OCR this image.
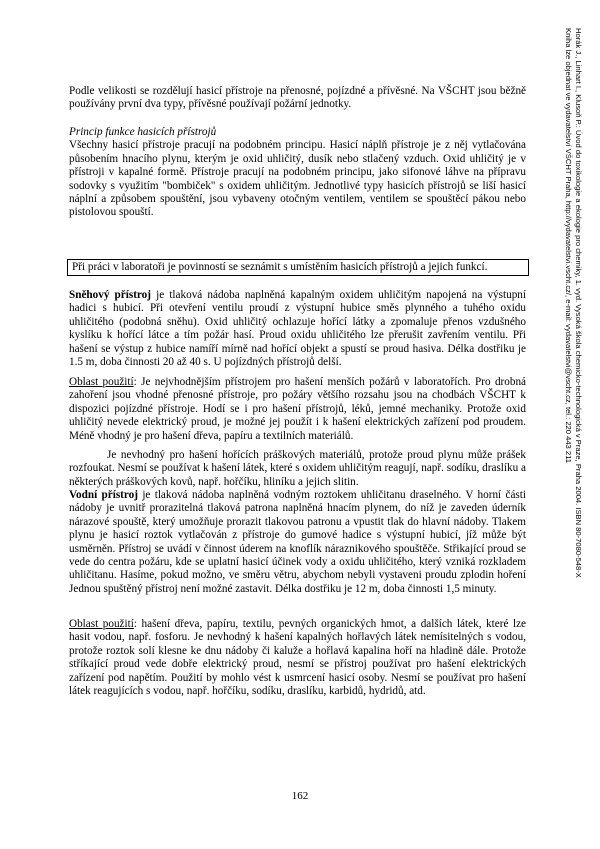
Podle velikosti se rozdělují hasicí přístroje na přenosné, pojízdné a přívěsné. Na VŠCHT jsou běžně používány první dva typy, přívěsné používají požární jednotky.

Princip funkce hasicích přístrojů

Všechny hasicí přístroje pracují na podobném principu. Hasicí náplň přístroje je z něj vytlačována působením hnacího plynu, kterým je oxid uhličitý, dusík nebo stlačený vzduch. Oxid uhličitý je v přístroji v kapalné formě. Přístroje pracují na podobném principu, jako sifonové láhve na přípravu sodovky s využitím "bombiček" s oxidem uhličitým. Jednotlivé typy hasicích přístrojů se liší hasicí náplní a způsobem spouštění, jsou vybaveny otočným ventilem, ventilem se spouštěcí pákou nebo pistolovou spouští.

Při práci v laboratoři je povinností se seznámit s umístěním hasicích přístrojů a jejich funkcí.

Sněhový přístroj je tlaková nádoba naplněná kapalným oxidem uhličitým napojená na výstupní hadici s hubicí. Při otevření ventilu proudí z výstupní hubice směs plynného a tuhého oxidu uhličitého (podobná sněhu). Oxid uhličitý ochlazuje hořící látky a zpomaluje přenos vzdušného kyslíku k hořící látce a tím požár hasí. Proud oxidu uhličitého lze přerušit zavřením ventilu. Při hašení se výstup z hubice namíří mírně nad hořící objekt a spustí se proud hasiva. Délka dostřiku je 1.5 m, doba činnosti 20 až 40 s. U pojízdných přístrojů delší.

Oblast použití: Je nejvhodnějším přístrojem pro hašení menších požárů v laboratořích. Pro drobná zahoření jsou vhodné přenosné přístroje, pro požáry většího rozsahu jsou na chodbách VŠCHT k dispozici pojízdné přístroje. Hodí se i pro hašení přístrojů, léků, jemné mechaniky. Protože oxid uhličitý nevede elektrický proud, je možné jej použít i k hašení elektrických zařízení pod proudem. Méně vhodný je pro hašení dřeva, papíru a textilních materiálů.

Je nevhodný pro hašení hořících práškových materiálů, protože proud plynu může prášek rozfoukat. Nesmí se používat k hašení látek, které s oxidem uhličitým reagují, např. sodíku, draslíku a některých práškových kovů, např. hořčíku, hliníku a jejich slitin.

Vodní přístroj je tlaková nádoba naplněná vodným roztokem uhličitanu draselného. V horní části nádoby je uvnitř prorazitelná tlaková patrona naplněná hnacím plynem, do níž je zaveden úderník nárazové spouště, který umožňuje prorazit tlakovou patronu a vpustit tlak do hlavní nádoby. Tlakem plynu je hasicí roztok vytlačován z přístroje do gumové hadice s výstupní hubicí, jíž může být usměrněn. Přístroj se uvádí v činnost úderem na knoflík náraznikového spouštěče. Střikající proud se vede do centra požáru, kde se uplatní hasicí účinek vody a oxidu uhličitého, který vzniká rozkladem uhličitanu. Hasíme, pokud možno, ve směru větru, abychom nebyli vystaveni proudu zplodin hoření Jednou spuštěný přístroj není možné zastavit. Délka dostřiku je 12 m, doba činnosti 1,5 minuty.

Oblast použití: hašení dřeva, papíru, textilu, pevných organických hmot, a dalších látek, které lze hasit vodou, např. fosforu. Je nevhodný k hašení kapalných hořlavých látek nemísitelných s vodou, protože roztok solí klesne ke dnu nádoby či kaluže a hořlavá kapalina hoří na hladině dále. Protože stříkající proud vede dobře elektrický proud, nesmí se přístroj používat pro hašení elektrických zařízení pod napětím. Použití by mohlo vést k usmrcení hasicí osoby. Nesmí se používat pro hašení látek reagujících s vodou, např. hořčíku, sodíku, draslíku, karbidů, hydridů, atd.

Horák J., Linhart I., Klusoň P.: Úvod do toxikologie a ekologie pro chemiky, 1. vyd. Vysoká škola chemicko-technologická v Praze, Praha 2004. ISBN 80-7080-548-X
Kniha lze objednat ve vydavatelství VŠCHT Praha, http://vydavatelstvi.vscht.cz/, e-mail: vydavatelstvi@vscht.cz, tel.: 220 443 211
162
